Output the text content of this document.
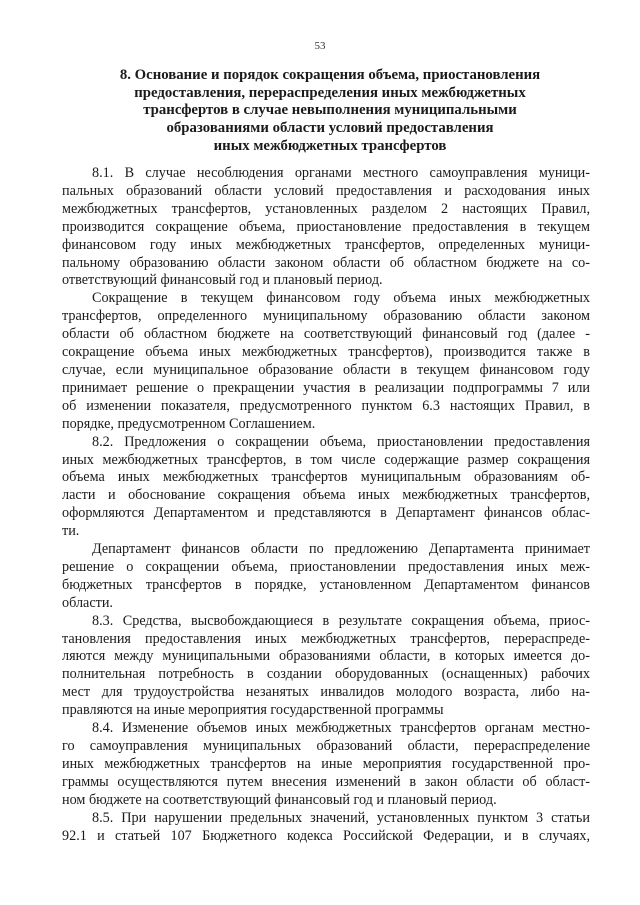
53
8. Основание и порядок сокращения объема, приостановления
предоставления, перераспределения иных межбюджетных
трансфертов в случае невыполнения муниципальными
образованиями области условий предоставления
иных межбюджетных трансфертов
8.1. В случае несоблюдения органами местного самоуправления муници-
пальных образований области условий предоставления и расходования иных
межбюджетных трансфертов, установленных разделом 2 настоящих Правил,
производится сокращение объема, приостановление предоставления в текущем
финансовом году иных межбюджетных трансфертов, определенных муници-
пальному образованию области законом области об областном бюджете на со-
ответствующий финансовый год и плановый период.
Сокращение в текущем финансовом году объема иных межбюджетных
трансфертов, определенного муниципальному образованию области законом
области об областном бюджете на соответствующий финансовый год (далее -
сокращение объема иных межбюджетных трансфертов), производится также в
случае, если муниципальное образование области в текущем финансовом году
принимает решение о прекращении участия в реализации подпрограммы 7 или
об изменении показателя, предусмотренного пунктом 6.3 настоящих Правил, в
порядке, предусмотренном Соглашением.
8.2. Предложения о сокращении объема, приостановлении предоставления
иных межбюджетных трансфертов, в том числе содержащие размер сокращения
объема иных межбюджетных трансфертов муниципальным образованиям об-
ласти и обоснование сокращения объема иных межбюджетных трансфертов,
оформляются Департаментом и представляются в Департамент финансов облас-
ти.
Департамент финансов области по предложению Департамента принимает
решение о сокращении объема, приостановлении предоставления иных меж-
бюджетных трансфертов в порядке, установленном Департаментом финансов
области.
8.3. Средства, высвобождающиеся в результате сокращения объема, приос-
тановления предоставления иных межбюджетных трансфертов, перераспреде-
ляются между муниципальными образованиями области, в которых имеется до-
полнительная потребность в создании оборудованных (оснащенных) рабочих
мест для трудоустройства незанятых инвалидов молодого возраста, либо на-
правляются на иные мероприятия государственной программы
8.4. Изменение объемов иных межбюджетных трансфертов органам местно-
го самоуправления муниципальных образований области, перераспределение
иных межбюджетных трансфертов на иные мероприятия государственной про-
граммы осуществляются путем внесения изменений в закон области об област-
ном бюджете на соответствующий финансовый год и плановый период.
8.5. При нарушении предельных значений, установленных пунктом 3 статьи
92.1 и статьей 107 Бюджетного кодекса Российской Федерации, и в случаях,
